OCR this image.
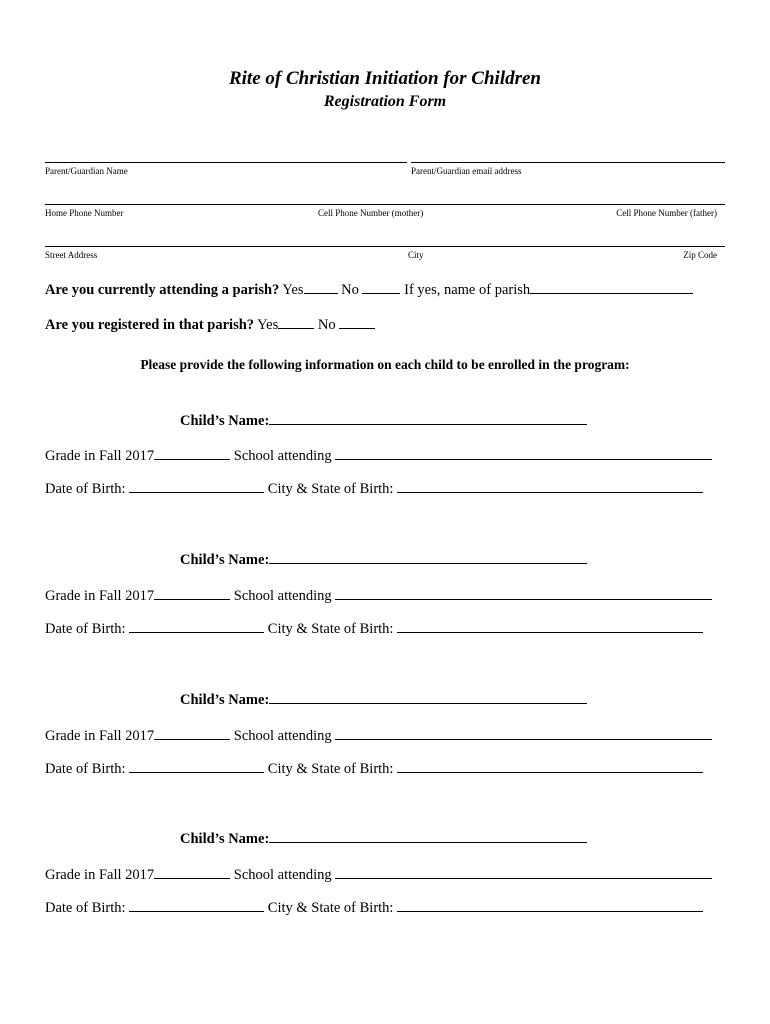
Rite of Christian Initiation for Children
Registration Form
Parent/Guardian Name	Parent/Guardian email address
Home Phone Number	Cell Phone Number (mother)	Cell Phone Number (father)
Street Address	City	Zip Code
Are you currently attending a parish? Yes	No	If yes, name of parish
Are you registered in that parish? Yes	No
Please provide the following information on each child to be enrolled in the program:
Child’s Name:
Grade in Fall 2017	School attending
Date of Birth:	City & State of Birth:
Child’s Name:
Grade in Fall 2017	School attending
Date of Birth:	City & State of Birth:
Child’s Name:
Grade in Fall 2017	School attending
Date of Birth:	City & State of Birth:
Child’s Name:
Grade in Fall 2017	School attending
Date of Birth:	City & State of Birth:
